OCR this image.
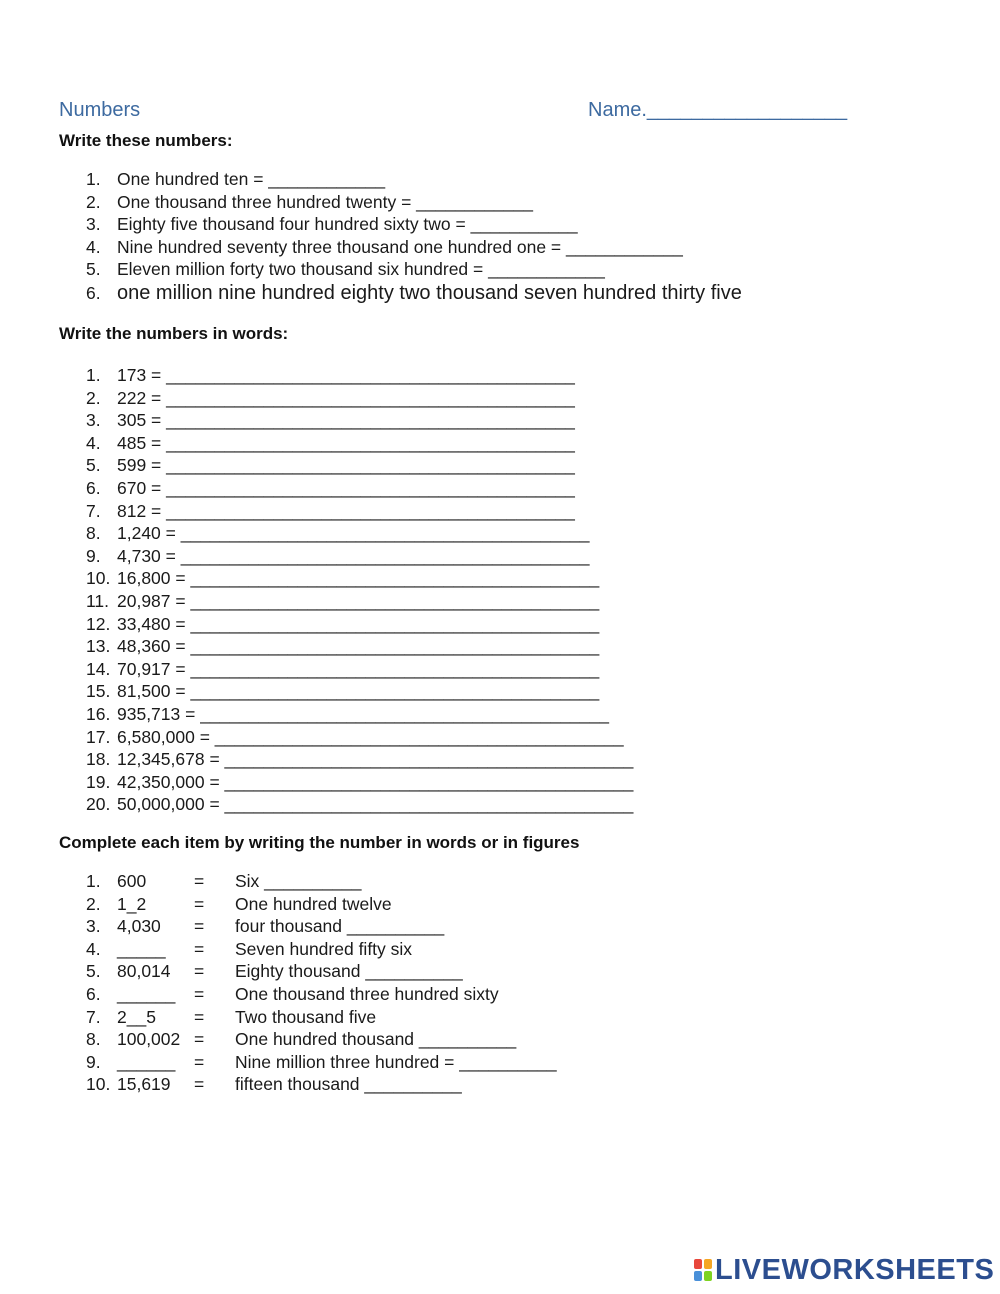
Numbers	Name.__________________
Write these numbers:
1. One hundred ten = ____________
2. One thousand three hundred twenty = ____________
3. Eighty five thousand four hundred sixty two = ___________
4. Nine hundred seventy three thousand one hundred one = ____________
5. Eleven million forty two thousand six hundred = ____________
6. one million nine hundred eighty two thousand seven hundred thirty five
Write the numbers in words:
1. 173 = __________________________________________
2. 222 = __________________________________________
3. 305 = __________________________________________
4. 485 = __________________________________________
5. 599 = __________________________________________
6. 670 = __________________________________________
7. 812 = __________________________________________
8. 1,240 = __________________________________________
9. 4,730 = __________________________________________
10. 16,800 = __________________________________________
11. 20,987 = __________________________________________
12. 33,480 = __________________________________________
13. 48,360 = __________________________________________
14. 70,917 = __________________________________________
15. 81,500 = __________________________________________
16. 935,713 = __________________________________________
17. 6,580,000 = __________________________________________
18. 12,345,678 = __________________________________________
19. 42,350,000 = __________________________________________
20. 50,000,000 = __________________________________________
Complete each item by writing the number in words or in figures
1. 600	= Six __________
2. 1_2	= One hundred twelve
3. 4,030 = four thousand __________
4. _____ = Seven hundred fifty six
5. 80,014 = Eighty thousand __________
6. ______ = One thousand three hundred sixty
7. 2__5 = Two thousand five
8. 100,002 = One hundred thousand __________
9. ______ = Nine million three hundred = __________
10. 15,619 = fifteen thousand __________
LIVEWORKSHEETS
